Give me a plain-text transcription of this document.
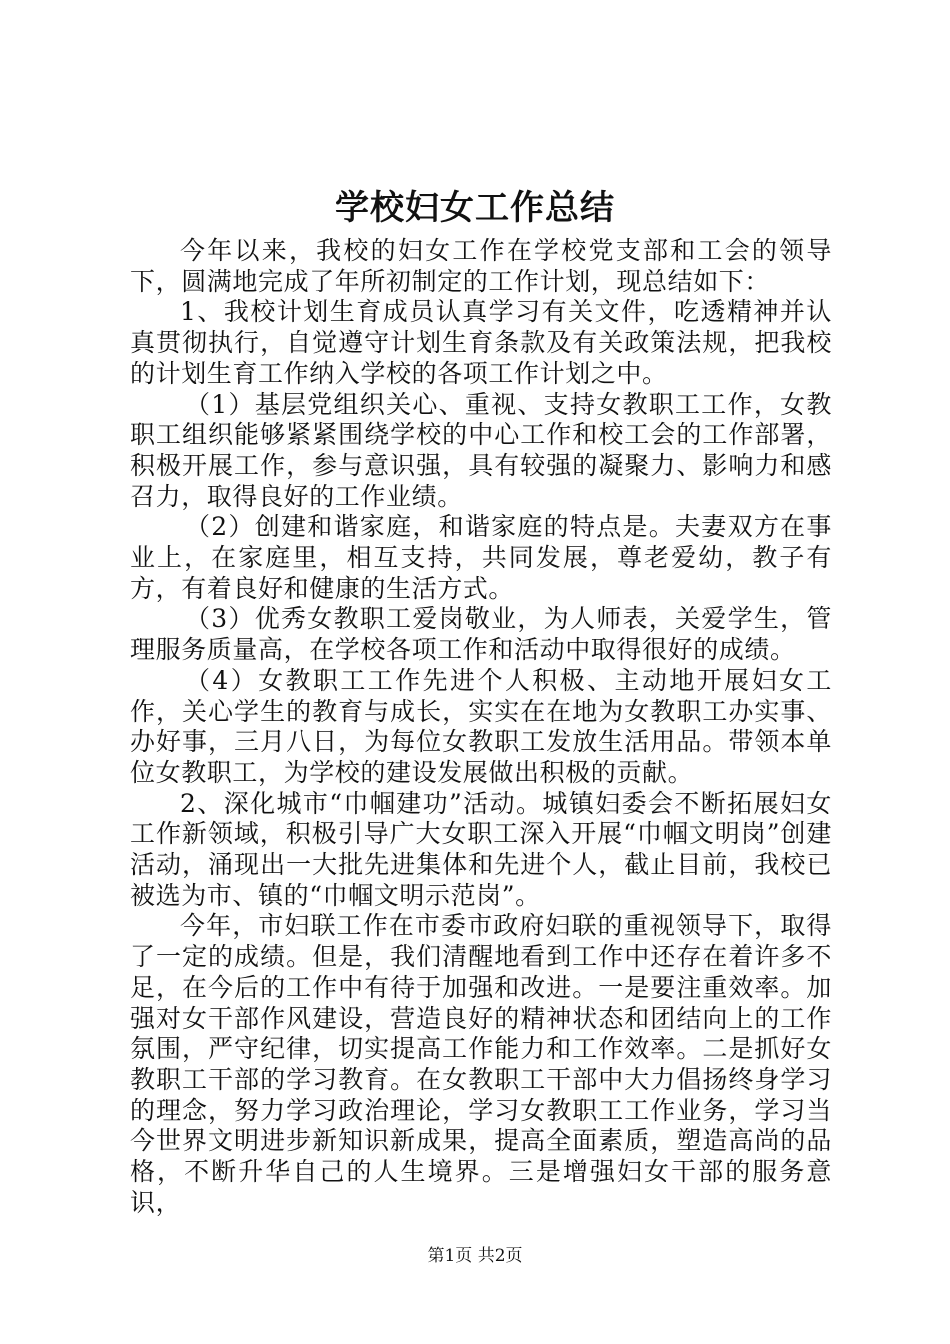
学校妇女工作总结

今年以来，我校的妇女工作在学校党支部和工会的领导下，圆满地完成了年所初制定的工作计划，现总结如下：

1、我校计划生育成员认真学习有关文件，吃透精神并认真贯彻执行，自觉遵守计划生育条款及有关政策法规，把我校的计划生育工作纳入学校的各项工作计划之中。

（1）基层党组织关心、重视、支持女教职工工作，女教职工组织能够紧紧围绕学校的中心工作和校工会的工作部署，积极开展工作，参与意识强，具有较强的凝聚力、影响力和感召力，取得良好的工作业绩。

（2）创建和谐家庭，和谐家庭的特点是。夫妻双方在事业上，在家庭里，相互支持，共同发展，尊老爱幼，教子有方，有着良好和健康的生活方式。

（3）优秀女教职工爱岗敬业，为人师表，关爱学生，管理服务质量高，在学校各项工作和活动中取得很好的成绩。

（4）女教职工工作先进个人积极、主动地开展妇女工作，关心学生的教育与成长，实实在在地为女教职工办实事、办好事，三月八日，为每位女教职工发放生活用品。带领本单位女教职工，为学校的建设发展做出积极的贡献。

2、深化城市“巾帼建功”活动。城镇妇委会不断拓展妇女工作新领域，积极引导广大女职工深入开展“巾帼文明岗”创建活动，涌现出一大批先进集体和先进个人，截止目前，我校已被选为市、镇的“巾帼文明示范岗”。

今年，市妇联工作在市委市政府妇联的重视领导下，取得了一定的成绩。但是，我们清醒地看到工作中还存在着许多不足，在今后的工作中有待于加强和改进。一是要注重效率。加强对女干部作风建设，营造良好的精神状态和团结向上的工作氛围，严守纪律，切实提高工作能力和工作效率。二是抓好女教职工干部的学习教育。在女教职工干部中大力倡扬终身学习的理念，努力学习政治理论，学习女教职工工作业务，学习当今世界文明进步新知识新成果，提高全面素质，塑造高尚的品格，不断升华自己的人生境界。三是增强妇女干部的服务意识，

第1页 共2页
